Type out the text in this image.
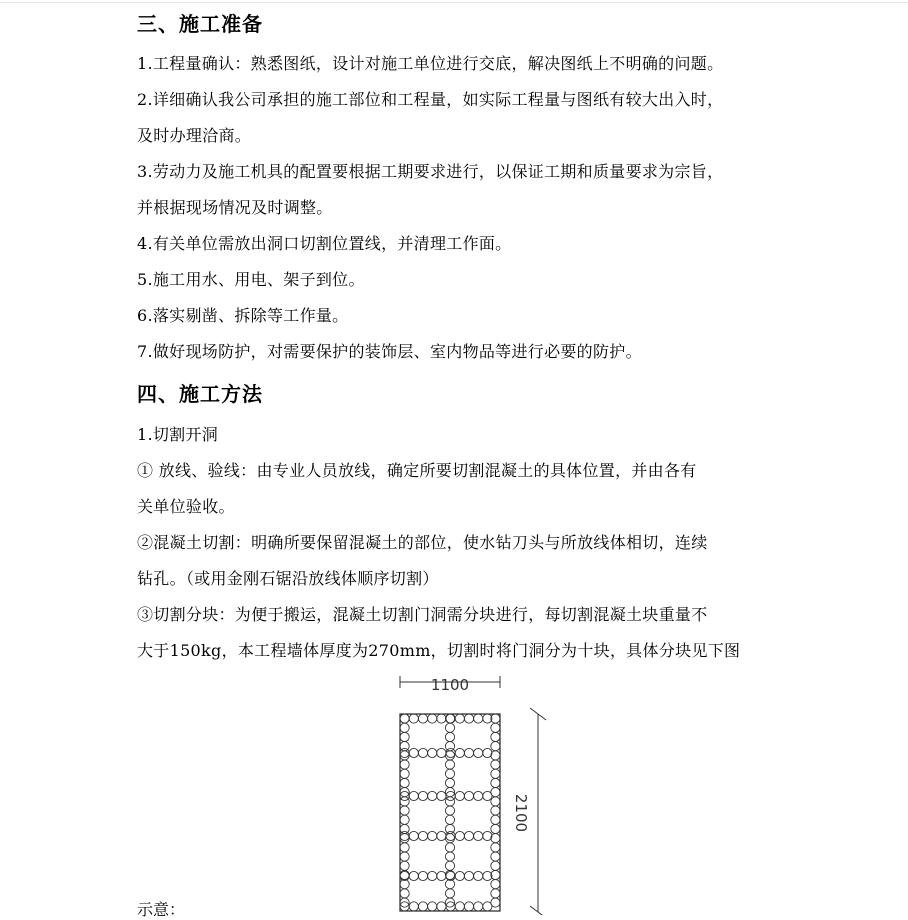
三、施工准备
1.工程量确认：熟悉图纸，设计对施工单位进行交底，解决图纸上不明确的问题。
2.详细确认我公司承担的施工部位和工程量，如实际工程量与图纸有较大出入时，
及时办理洽商。
3.劳动力及施工机具的配置要根据工期要求进行，以保证工期和质量要求为宗旨，
并根据现场情况及时调整。
4.有关单位需放出洞口切割位置线，并清理工作面。
5.施工用水、用电、架子到位。
6.落实剔凿、拆除等工作量。
7.做好现场防护，对需要保护的装饰层、室内物品等进行必要的防护。
四、施工方法
1.切割开洞
① 放线、验线：由专业人员放线，确定所要切割混凝土的具体位置，并由各有
关单位验收。
②混凝土切割：明确所要保留混凝土的部位，使水钻刀头与所放线体相切，连续
钻孔。（或用金刚石锯沿放线体顺序切割）
③切割分块：为便于搬运，混凝土切割门洞需分块进行，每切割混凝土块重量不
大于150kg，本工程墙体厚度为270mm，切割时将门洞分为十块，具体分块见下图
1100
2100
示意：
